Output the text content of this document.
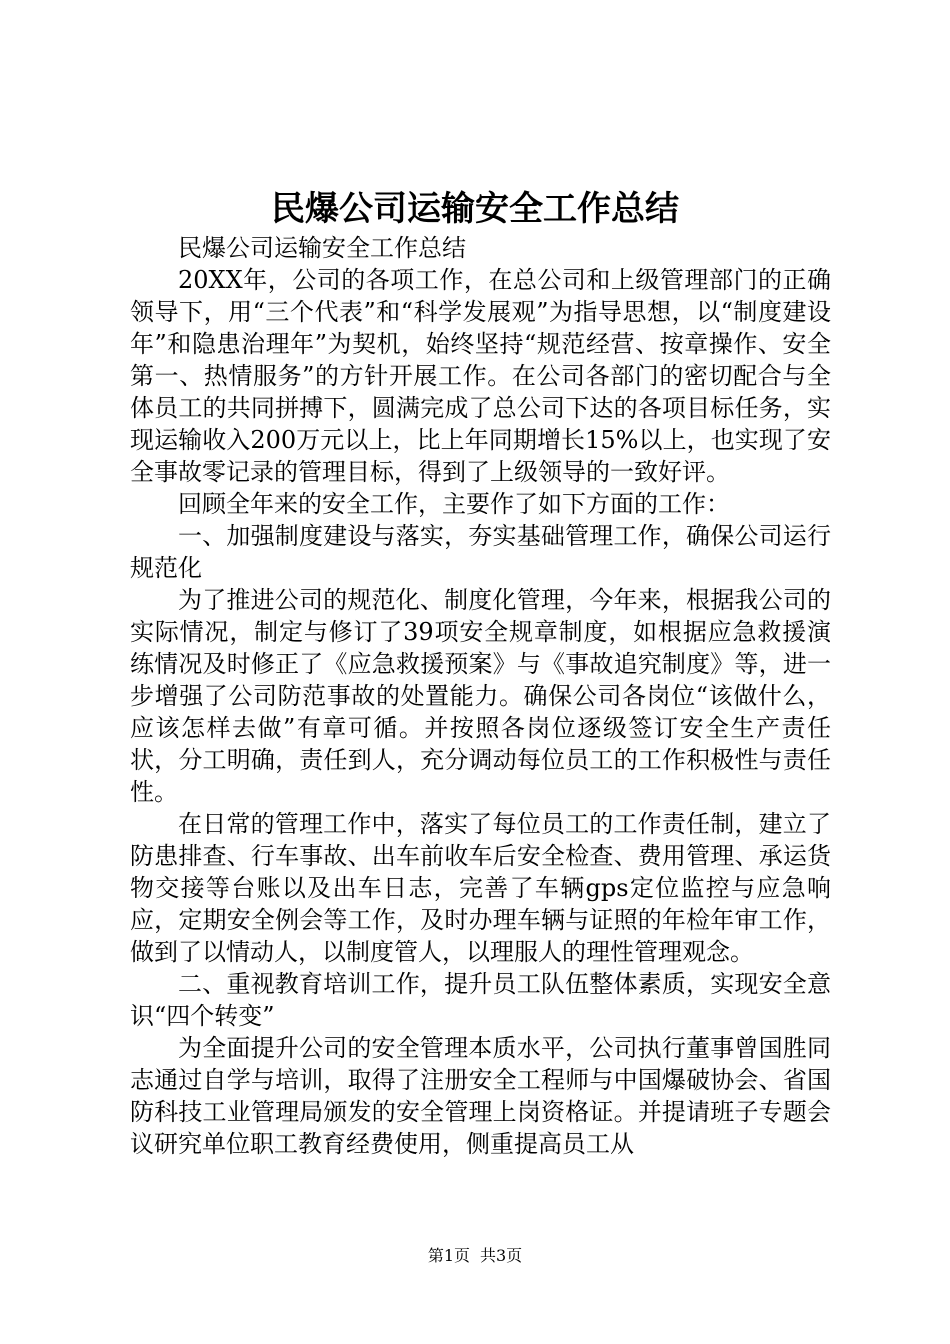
民爆公司运输安全工作总结

民爆公司运输安全工作总结

20XX年，公司的各项工作，在总公司和上级管理部门的正确领导下，用“三个代表”和“科学发展观”为指导思想，以“制度建设年”和隐患治理年”为契机，始终坚持“规范经营、按章操作、安全第一、热情服务”的方针开展工作。在公司各部门的密切配合与全体员工的共同拼搏下，圆满完成了总公司下达的各项目标任务，实现运输收入200万元以上，比上年同期增长15%以上，也实现了安全事故零记录的管理目标，得到了上级领导的一致好评。

回顾全年来的安全工作，主要作了如下方面的工作：

一、加强制度建设与落实，夯实基础管理工作，确保公司运行规范化

为了推进公司的规范化、制度化管理，今年来，根据我公司的实际情况，制定与修订了39项安全规章制度，如根据应急救援演练情况及时修正了《应急救援预案》与《事故追究制度》等，进一步增强了公司防范事故的处置能力。确保公司各岗位“该做什么，应该怎样去做”有章可循。并按照各岗位逐级签订安全生产责任状，分工明确，责任到人，充分调动每位员工的工作积极性与责任性。

在日常的管理工作中，落实了每位员工的工作责任制，建立了防患排查、行车事故、出车前收车后安全检查、费用管理、承运货物交接等台账以及出车日志，完善了车辆gps定位监控与应急响应，定期安全例会等工作，及时办理车辆与证照的年检年审工作，做到了以情动人，以制度管人，以理服人的理性管理观念。

二、重视教育培训工作，提升员工队伍整体素质，实现安全意识“四个转变”

为全面提升公司的安全管理本质水平，公司执行董事曾国胜同志通过自学与培训，取得了注册安全工程师与中国爆破协会、省国防科技工业管理局颁发的安全管理上岗资格证。并提请班子专题会议研究单位职工教育经费使用，侧重提高员工从

第1页 共3页
